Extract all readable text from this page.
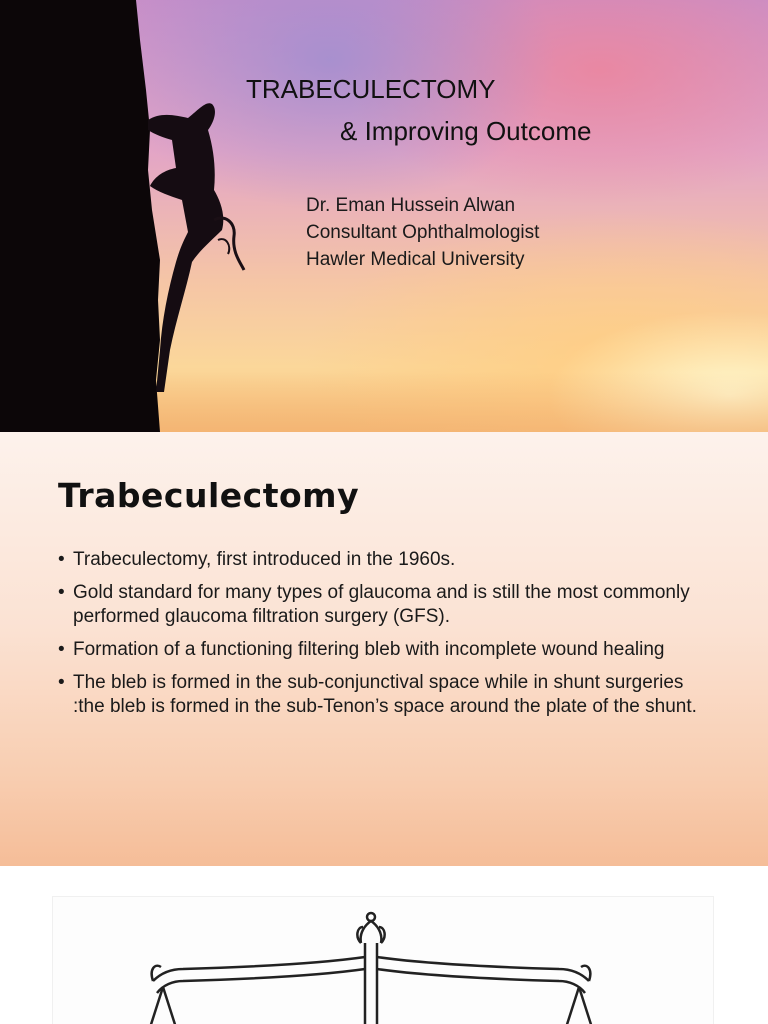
TRABECULECTOMY
& Improving Outcome
Dr. Eman Hussein Alwan
Consultant Ophthalmologist
Hawler Medical University
Trabeculectomy
• Trabeculectomy, first introduced in the 1960s.
• Gold standard for many types of glaucoma and is still the most commonly performed glaucoma filtration surgery (GFS).
• Formation of a functioning filtering bleb with incomplete wound healing
• The bleb is formed in the sub-conjunctival space while in shunt surgeries :the bleb is formed in the sub-Tenon’s space around the plate of the shunt.
